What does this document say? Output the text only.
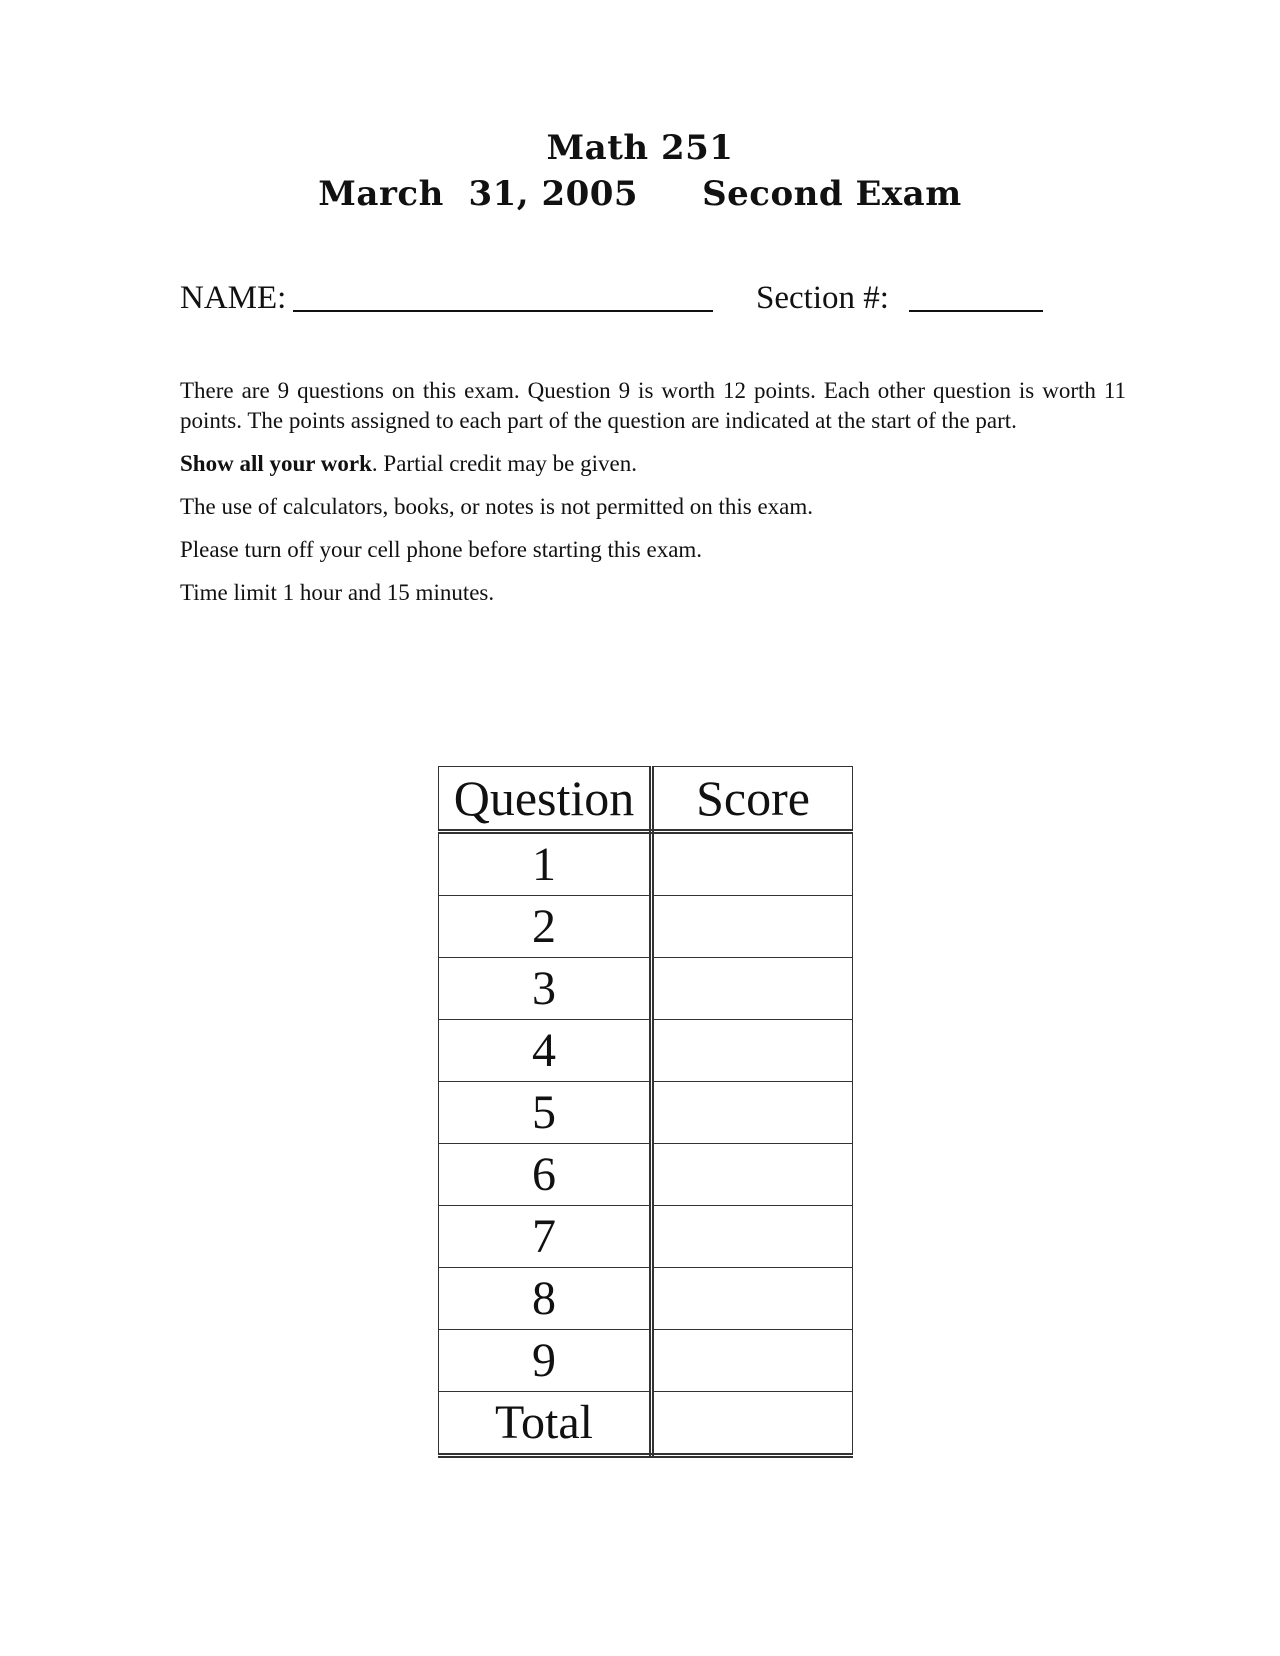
Math 251
March  31, 2005 Second Exam
NAME:	Section #:

There are 9 questions on this exam. Question 9 is worth 12 points. Each other question is worth 11 points. The points assigned to each part of the question are indicated at the start of the part.

Show all your work. Partial credit may be given.

The use of calculators, books, or notes is not permitted on this exam.

Please turn off your cell phone before starting this exam.

Time limit 1 hour and 15 minutes.

Question	Score
1	
2	
3	
4	
5	
6	
7	
8	
9	
Total	
